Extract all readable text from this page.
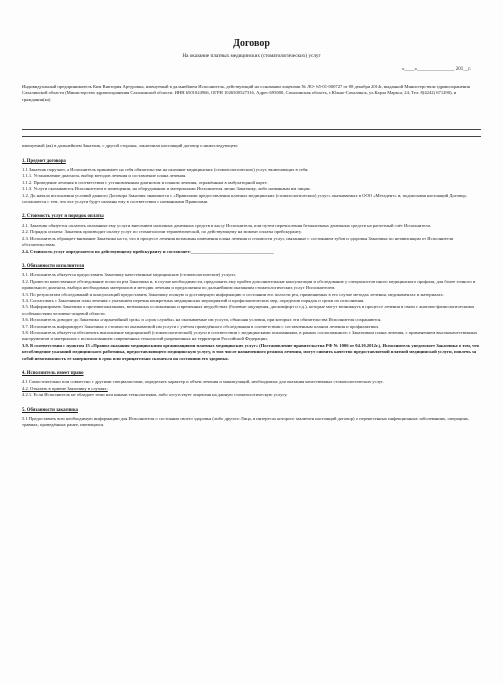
Договор

На оказание платных медицинских (стоматологических) услуг
«____»_______________ 201__г.

Индивидуальный предприниматель Ким Виктория Артуровна, именуемый в дальнейшем Исполнитель, действующий на основании лицензии № ЛО- 65-01-000727 от 08 декабря 2014г, выданной Министерством здравоохранения Сахалинской области (Министерство здравоохранения Сахалинской области. ИНН 6501024966, ОГРН 1026500527316, Адрес:693000, Сахалинская область, г.Южно-Сахалинск, ул.Карла Маркса, 24, Тел: 8(4242) 671290), и гражданин(ка)

именуемый (ая) в дальнейшем Заказчик, с другой стороны, заключили настоящий договор о нижеследующем:

1. Предмет договора

1.1 Заказчик поручает, а Исполнитель принимает на себя обязательства на оказание медицинских (стоматологических) услуг, включающих в себя:

1.1.1. Установление диагноза, выбор методов лечения и составление плана лечения.

1.1.2. Проведение лечения в соответствии с установленным диагнозом и планом лечения, отражённым в амбулаторной карте.

1.1.3. Услуги оказываются Исполнителем в помещении, на оборудовании и материалами Исполнителя лично Заказчику, либо названным им лицам.

1.2. До начала исполнения условий данного Договора Заказчик знакомится с «Правилами предоставления платных медицинских (стоматологических) услуг» оказываемых в ООО «Мегадент» и, подписывая настоящий Договор, соглашается с тем, что все услуги будут оказаны ему в соответствии с названными Правилами.

2. Стоимость услуг и порядок оплаты

2.1. Заказчик обязуется оплатить оказанные ему услуги внесением наличных денежных средств в кассу Исполнителя, или путем перечисления безналичных денежных средств на расчетный счёт Исполнителя.

2.2. Порядок оплаты: Заказчик производит оплату услуг по стоматологии терапевтической, по действующему на момент оплаты прейскуранту.

2.3. Исполнитель обращает внимание Заказчика на то, что в процессе лечения возможны изменения плана лечения и стоимости услуг, связанные с состоянием зубов и здоровья Заказчика по независящим от Исполнителя обстоятельствам.

2.4. Стоимость услуг определяется по действующему прейскуранту и составляет:____________________________________

3. Обязанности исполнителя

3.1. Исполнитель обязуется предоставить Заказчику качественные медицинские (стоматологические) услуги.

3.2. Провести качественное обследование полости рта Заказчика и, в случае необходимости, предложить ему пройти дополнительные консультации и обследование у специалистов иного медицинского профиля, для более точного и правильного диагноза, выбора необходимых материалов и методик лечения и предложения по дальнейшим оказаниям стоматологических услуг Исполнителем.

3.3. По результатам обследований и консультаций предоставить Заказчику полную и достоверную информацию о состоянии его полости рта, применяемых в его случае методах лечения, медикаментах и материалах.

3.4. Согласовать с Заказчиком план лечения с указанием перечня конкретных медицинских мероприятий и профилактических мер, определив порядок и сроки их исполнения.

3.5. Информировать Заказчика о противопоказаниях, возможных осложнениях и временных неудобствах (болевые ощущения, дискомфорт и т.д.), которые могут возникнуть в процессе лечения в связи с анатомо-физиологическими особенностями человеко-лицевой области.

3.6. Исполнитель доводит до Заказчика «гарантийный срок» и «срок службы» на оказываемые им услуги, объясняя условия, при которых эти обязательства Исполнителя сохраняются.

3.7. Исполнитель информирует Заказчика о стоимости оказываемой им услуги с учётом проведённого обследования в соответствии с составленным планом лечения и профилактики.

3.8. Исполнитель обязуется обеспечить выполнение медицинской (стоматологической) услуги в соответствии с медицинскими показаниями, в рамках согласованного с Заказчиком плана лечения, с применением высококачественных инструментов и материалов с использованием современных технологий разрешенных на территории Российской Федерации.

3.9. В соответствии с пунктом 15 «Правил оказания медицинскими организациями платных медицинских услуг» (Постановление правительства РФ № 1006 от 04.10.2012г.), Исполнитель уведомляет Заказчика о том, что несоблюдение указаний медицинского работника, предоставляющего медицинскую услугу, в том числе назначенного режима лечения, могут снизить качество предоставляемой платной медицинской услуги, повлечь за собой невозможность ее завершения в срок или отрицательно сказаться на состоянии его здоровья.

4. Исполнитель имеет право

4.1 Самостоятельно или совместно с другими специалистами, определять характер и объем лечения и манипуляций, необходимых для оказания качественных стоматологических услуг.

4.2. Отказать в приеме Заказчику в случаях:

4.2.1. Если Исполнитель не обладает теми или иными технологиями, либо отсутствует лицензия на данную стоматологическую услугу.

5. Обязанности заказчика

5.1 Предоставить всю необходимую информацию для Исполнителя о состоянии своего здоровья (либо другого Лица, в интересах которого заключен настоящий договор) о перенесенных инфекционных заболеваниях, операциях, травмах, проведённых ранее, имеющихся
